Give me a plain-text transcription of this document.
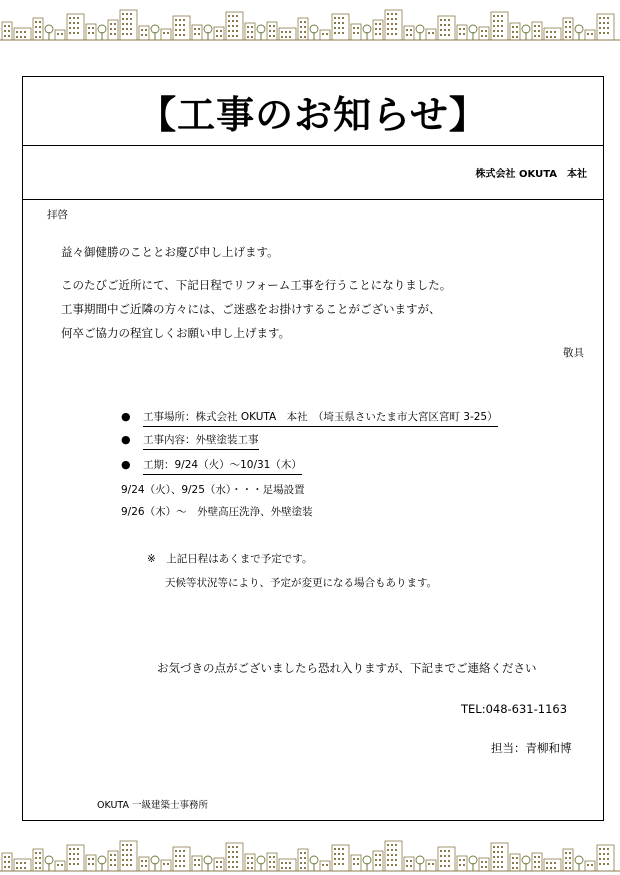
【工事のお知らせ】
株式会社 OKUTA　本社
拝啓
益々御健勝のこととお慶び申し上げます。
このたびご近所にて、下記日程でリフォーム工事を行うことになりました。
工事期間中ご近隣の方々には、ご迷惑をお掛けすることがございますが、
何卒ご協力の程宜しくお願い申し上げます。
敬具
● 工事場所：株式会社 OKUTA　本社　（埼玉県さいたま市大宮区宮町 3-25）
● 工事内容：外壁塗装工事
● 工期：9/24（火）～10/31（木）
9/24（火）、9/25（水）・・・足場設置
9/26（木）～　外壁高圧洗浄、外壁塗装
※　上記日程はあくまで予定です。
天候等状況等により、予定が変更になる場合もあります。
お気づきの点がございましたら恐れ入りますが、下記までご連絡ください
TEL:048-631-1163
担当：青柳和博
OKUTA 一級建築士事務所
